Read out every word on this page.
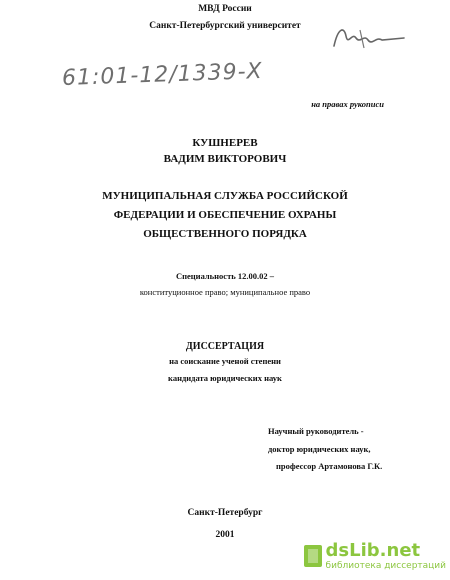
МВД России
Санкт-Петербургский университет
61:01-12/1339-Х
на правах рукописи
КУШНЕРЕВ
ВАДИМ ВИКТОРОВИЧ
МУНИЦИПАЛЬНАЯ СЛУЖБА РОССИЙСКОЙ
ФЕДЕРАЦИИ И ОБЕСПЕЧЕНИЕ ОХРАНЫ
ОБЩЕСТВЕННОГО ПОРЯДКА
Специальность 12.00.02 –
конституционное право; муниципальное право
ДИССЕРТАЦИЯ
на соискание ученой степени
кандидата юридических наук
Научный руководитель -
доктор юридических наук,
профессор Артамонова Г.К.
Санкт-Петербург
2001
dsLib.net
библиотека диссертаций
